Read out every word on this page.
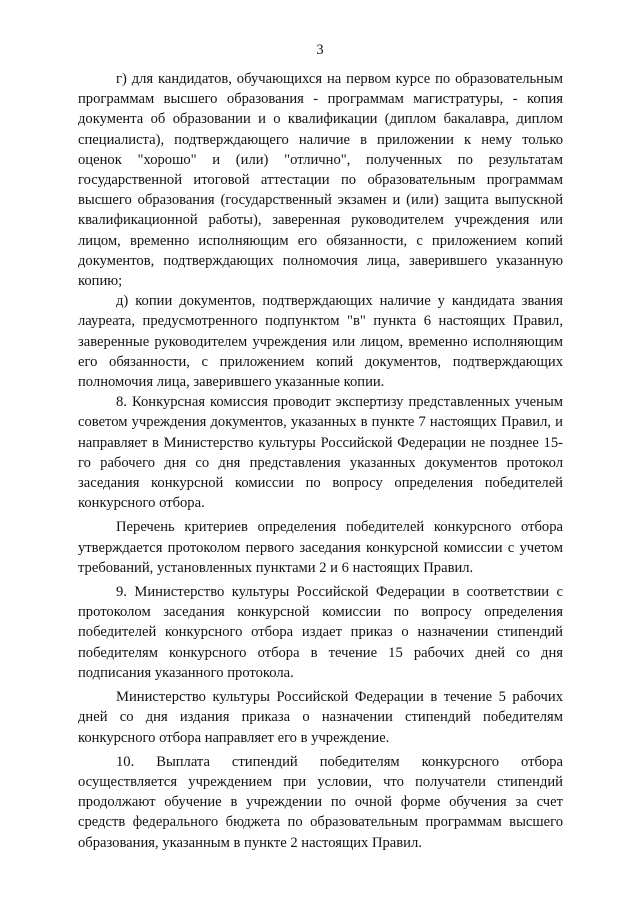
3

г) для кандидатов, обучающихся на первом курсе по образовательным программам высшего образования - программам магистратуры, - копия документа об образовании и о квалификации (диплом бакалавра, диплом специалиста), подтверждающего наличие в приложении к нему только оценок "хорошо" и (или) "отлично", полученных по результатам государственной итоговой аттестации по образовательным программам высшего образования (государственный экзамен и (или) защита выпускной квалификационной работы), заверенная руководителем учреждения или лицом, временно исполняющим его обязанности, с приложением копий документов, подтверждающих полномочия лица, заверившего указанную копию;

д) копии документов, подтверждающих наличие у кандидата звания лауреата, предусмотренного подпунктом "в" пункта 6 настоящих Правил, заверенные руководителем учреждения или лицом, временно исполняющим его обязанности, с приложением копий документов, подтверждающих полномочия лица, заверившего указанные копии.

8. Конкурсная комиссия проводит экспертизу представленных ученым советом учреждения документов, указанных в пункте 7 настоящих Правил, и направляет в Министерство культуры Российской Федерации не позднее 15-го рабочего дня со дня представления указанных документов протокол заседания конкурсной комиссии по вопросу определения победителей конкурсного отбора.

Перечень критериев определения победителей конкурсного отбора утверждается протоколом первого заседания конкурсной комиссии с учетом требований, установленных пунктами 2 и 6 настоящих Правил.

9. Министерство культуры Российской Федерации в соответствии с протоколом заседания конкурсной комиссии по вопросу определения победителей конкурсного отбора издает приказ о назначении стипендий победителям конкурсного отбора в течение 15 рабочих дней со дня подписания указанного протокола.

Министерство культуры Российской Федерации в течение 5 рабочих дней со дня издания приказа о назначении стипендий победителям конкурсного отбора направляет его в учреждение.

10. Выплата стипендий победителям конкурсного отбора осуществляется учреждением при условии, что получатели стипендий продолжают обучение в учреждении по очной форме обучения за счет средств федерального бюджета по образовательным программам высшего образования, указанным в пункте 2 настоящих Правил.
